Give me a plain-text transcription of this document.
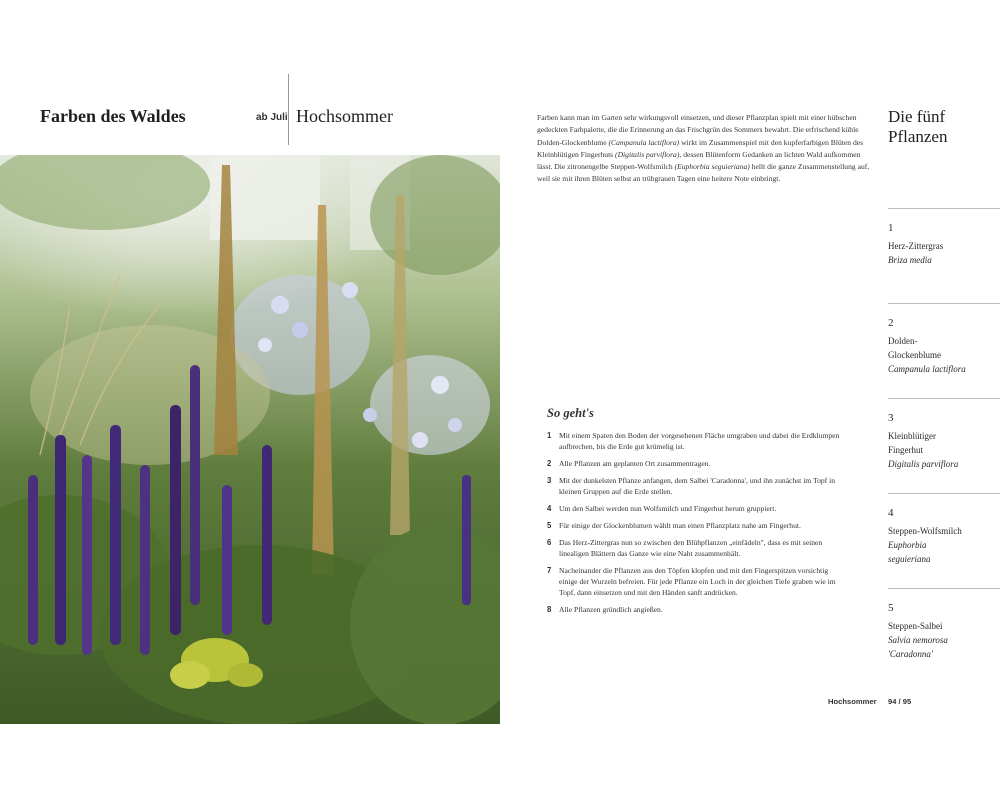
Farben des Waldes	ab Juli Hochsommer	Farben kann man im Garten sehr wirkungsvoll einsetzen, und dieser Pflanzplan spielt mit einer hübschen gedeckten Farbpalette, die die Erinnerung an das Frischgrün des Sommers bewahrt. Die erfrischend kühle Dolden-Glockenblume (Campanula lactiflora) wirkt im Zusammenspiel mit den kupferfarbigen Blüten des Kleinblütigen Fingerhuts (Digitalis parviflora), dessen Blütenform Gedanken an lichten Wald aufkommen lässt. Die zitronengelbe Steppen-Wolfsmilch (Euphorbia seguieriana) hellt die ganze Zusammenstellung auf, weil sie mit ihren Blüten selbst an trübgrauen Tagen eine heitere Note einbringt.

So geht's
1 Mit einem Spaten den Boden der vorgesehenen Fläche umgraben und dabei die Erdklumpen aufbrechen, bis die Erde gut krümelig ist.
2 Alle Pflanzen am geplanten Ort zusammentragen.
3 Mit der dunkelsten Pflanze anfangen, dem Salbei 'Caradonna', und ihn zunächst im Topf in kleinen Gruppen auf die Erde stellen.
4 Um den Salbei werden nun Wolfsmilch und Fingerhut herum gruppiert.
5 Für einige der Glockenblumen wählt man einen Pflanzplatz nahe am Fingerhut.
6 Das Herz-Zittergras nun so zwischen den Blühpflanzen „einfädeln", dass es mit seinen linealigen Blättern das Ganze wie eine Naht zusammenhält.
7 Nacheinander die Pflanzen aus den Töpfen klopfen und mit den Fingerspitzen vorsichtig einige der Wurzeln befreien. Für jede Pflanze ein Loch in der gleichen Tiefe graben wie im Topf, dann einsetzen und mit den Händen sanft andrücken.
8 Alle Pflanzen gründlich angießen.
Die fünf
Pflanzen
1
Herz-Zittergras
Briza media
2
Dolden-
Glockenblume
Campanula lactiflora
3
Kleinblütiger
Fingerhut
Digitalis parviflora
4
Steppen-Wolfsmilch
Euphorbia
seguieriana
5
Steppen-Salbei
Salvia nemorosa
'Caradonna'
Hochsommer 94 / 95
